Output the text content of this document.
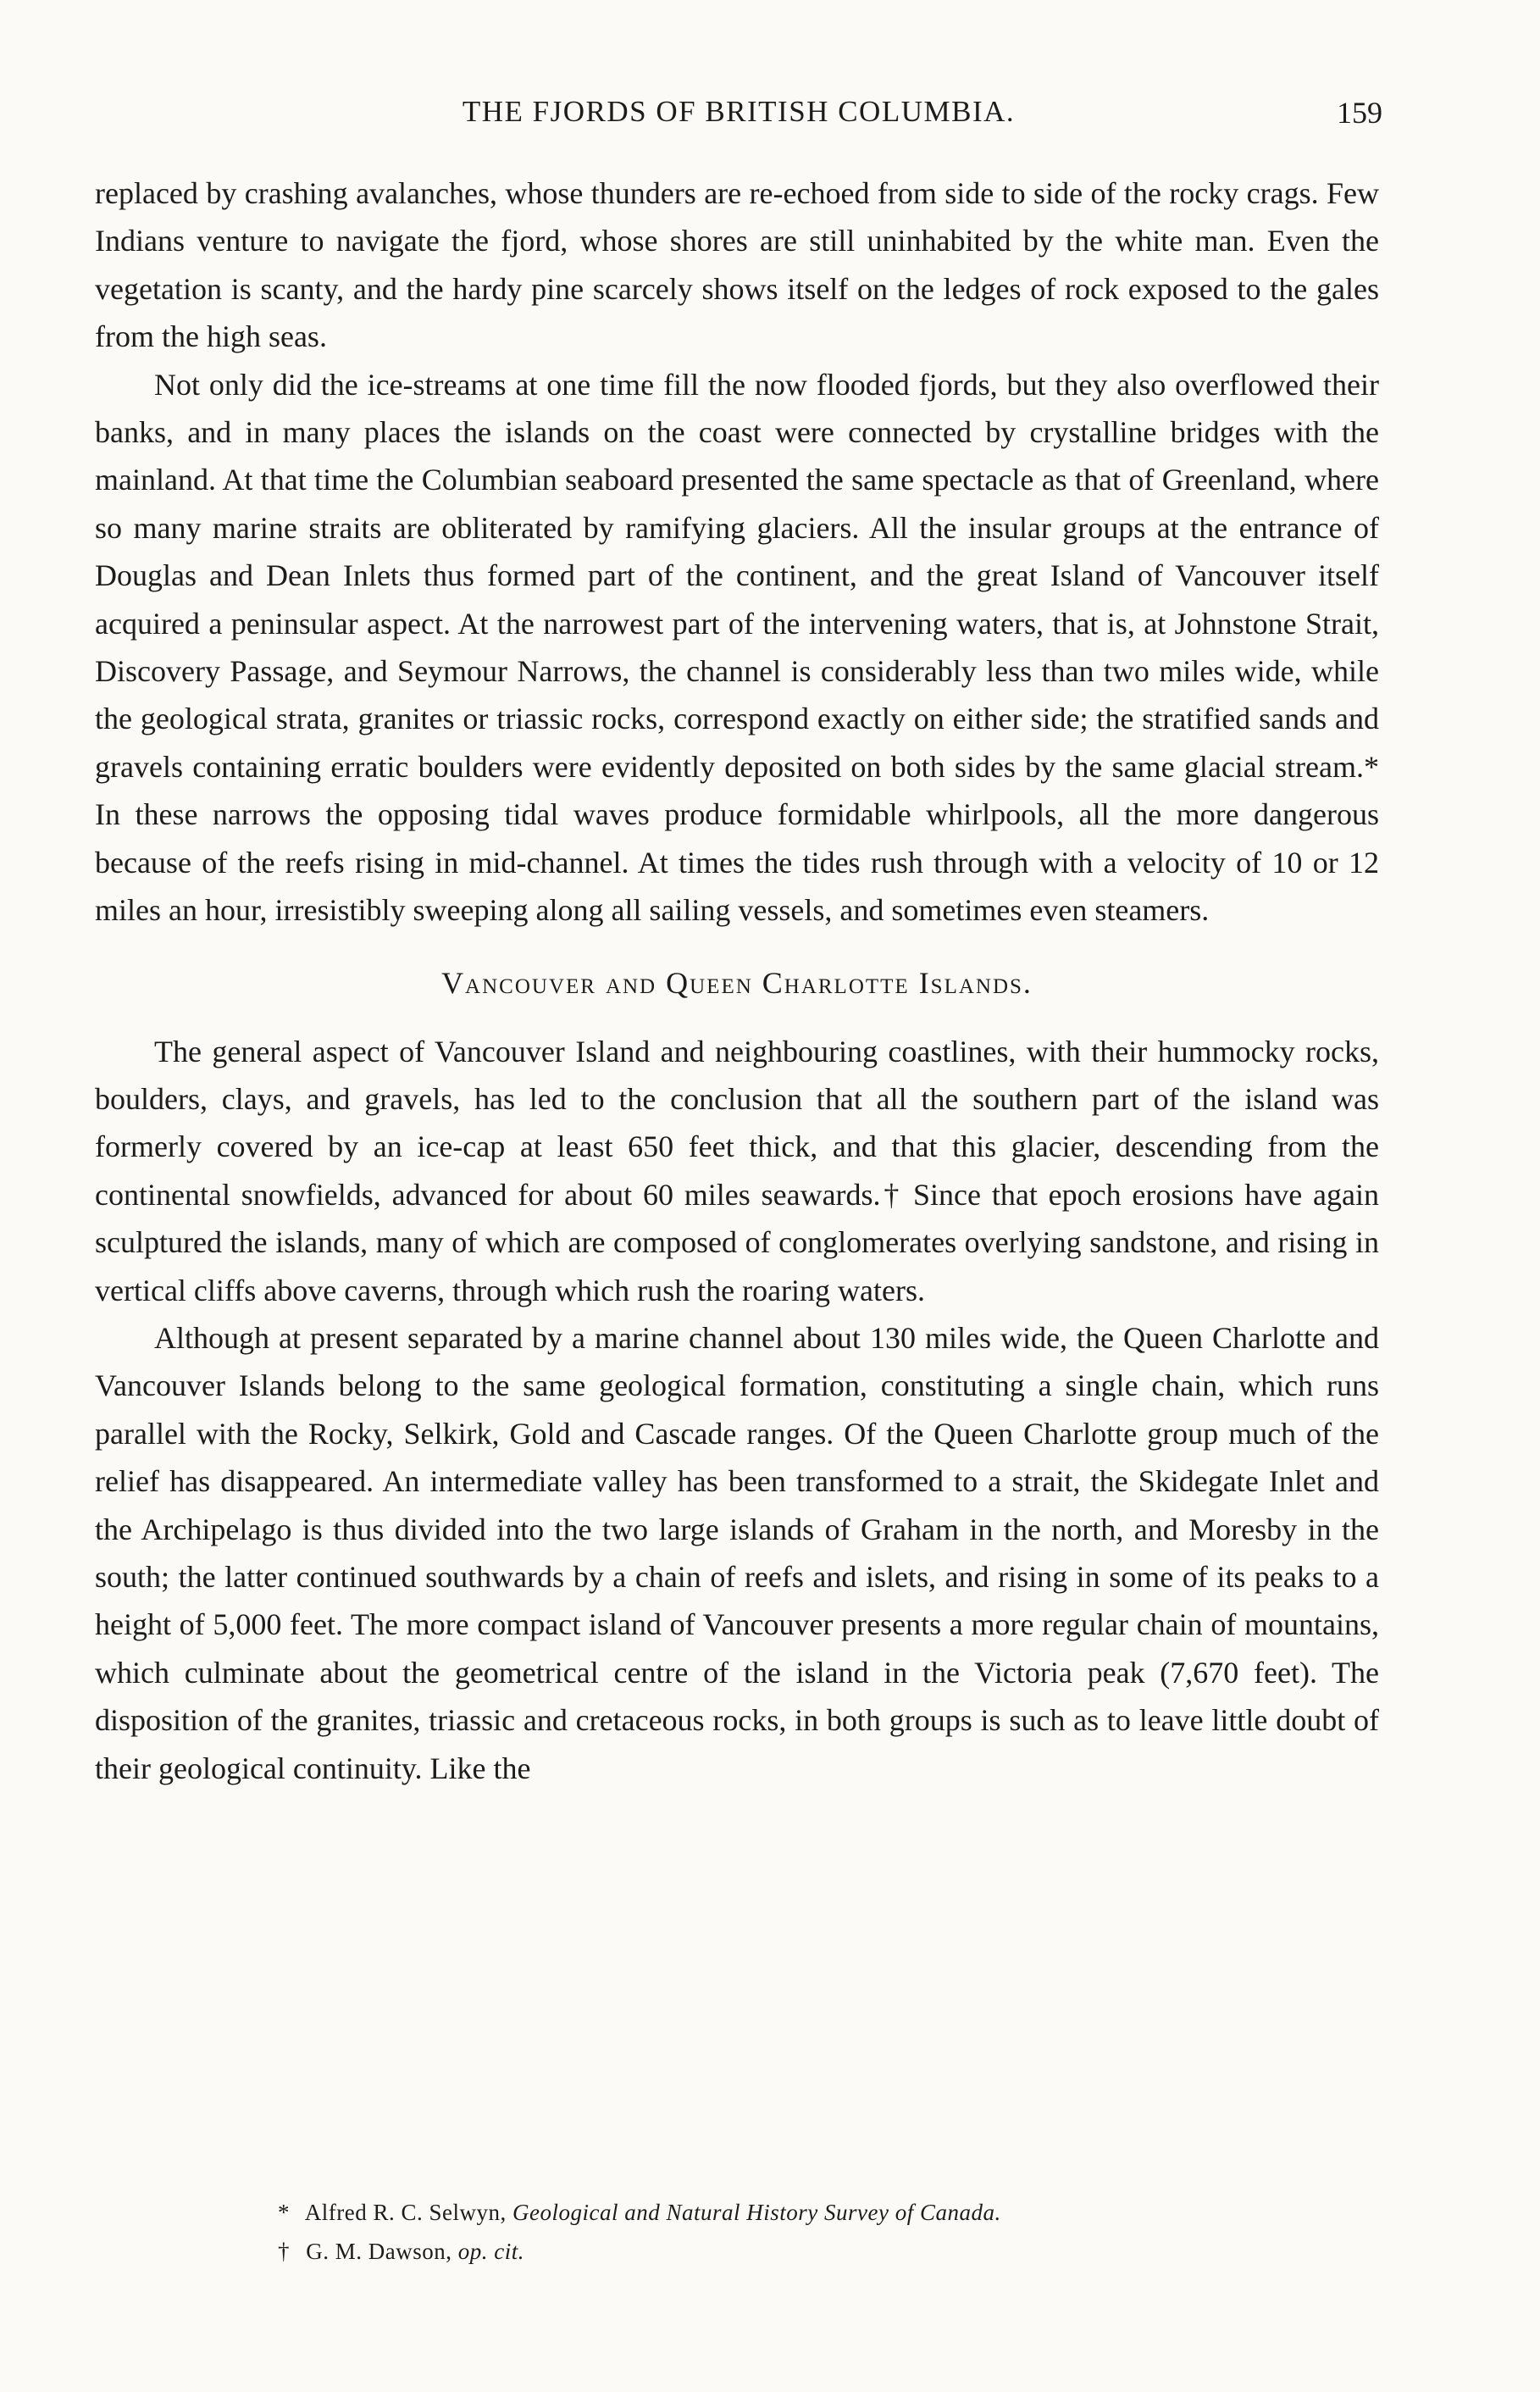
THE FJORDS OF BRITISH COLUMBIA.	159

replaced by crashing avalanches, whose thunders are re-echoed from side to side of the rocky crags. Few Indians venture to navigate the fjord, whose shores are still uninhabited by the white man. Even the vegetation is scanty, and the hardy pine scarcely shows itself on the ledges of rock exposed to the gales from the high seas.

Not only did the ice-streams at one time fill the now flooded fjords, but they also overflowed their banks, and in many places the islands on the coast were connected by crystalline bridges with the mainland. At that time the Columbian seaboard presented the same spectacle as that of Greenland, where so many marine straits are obliterated by ramifying glaciers. All the insular groups at the entrance of Douglas and Dean Inlets thus formed part of the continent, and the great Island of Vancouver itself acquired a peninsular aspect. At the narrowest part of the intervening waters, that is, at Johnstone Strait, Discovery Passage, and Seymour Narrows, the channel is considerably less than two miles wide, while the geological strata, granites or triassic rocks, correspond exactly on either side; the stratified sands and gravels containing erratic boulders were evidently deposited on both sides by the same glacial stream.* In these narrows the opposing tidal waves produce formidable whirlpools, all the more dangerous because of the reefs rising in mid-channel. At times the tides rush through with a velocity of 10 or 12 miles an hour, irresistibly sweeping along all sailing vessels, and sometimes even steamers.

Vancouver and Queen Charlotte Islands.

The general aspect of Vancouver Island and neighbouring coastlines, with their hummocky rocks, boulders, clays, and gravels, has led to the conclusion that all the southern part of the island was formerly covered by an ice-cap at least 650 feet thick, and that this glacier, descending from the continental snowfields, advanced for about 60 miles seawards.† Since that epoch erosions have again sculptured the islands, many of which are composed of conglomerates overlying sandstone, and rising in vertical cliffs above caverns, through which rush the roaring waters.

Although at present separated by a marine channel about 130 miles wide, the Queen Charlotte and Vancouver Islands belong to the same geological formation, constituting a single chain, which runs parallel with the Rocky, Selkirk, Gold and Cascade ranges. Of the Queen Charlotte group much of the relief has disappeared. An intermediate valley has been transformed to a strait, the Skidegate Inlet and the Archipelago is thus divided into the two large islands of Graham in the north, and Moresby in the south; the latter continued southwards by a chain of reefs and islets, and rising in some of its peaks to a height of 5,000 feet. The more compact island of Vancouver presents a more regular chain of mountains, which culminate about the geometrical centre of the island in the Victoria peak (7,670 feet). The disposition of the granites, triassic and cretaceous rocks, in both groups is such as to leave little doubt of their geological continuity. Like the

* Alfred R. C. Selwyn, Geological and Natural History Survey of Canada.
† G. M. Dawson, op. cit.
